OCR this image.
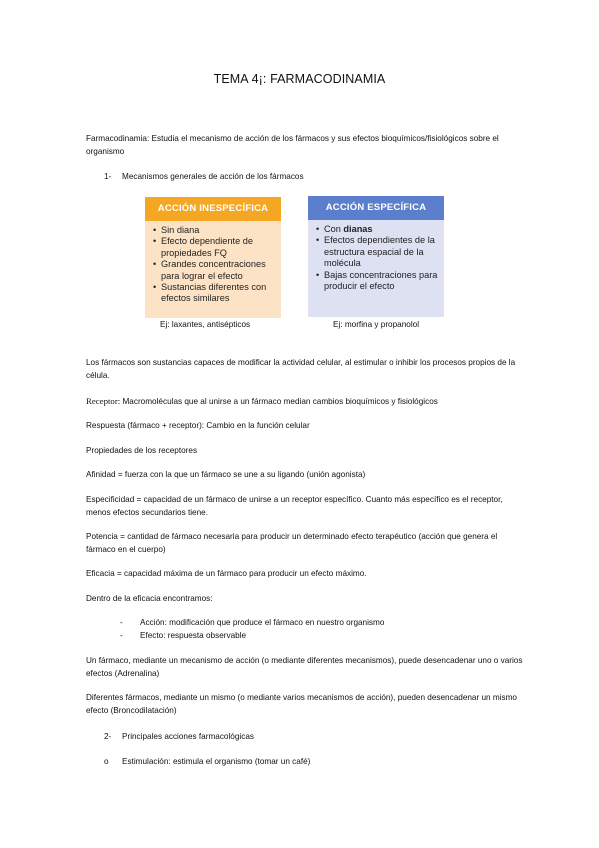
TEMA 4¡: FARMACODINAMIA
Farmacodinamia: Estudia el mecanismo de acción de los fármacos y sus efectos bioquímicos/fisiológicos sobre el organismo
1- Mecanismos generales de acción de los fármacos
ACCIÓN INESPECÍFICA
• Sin diana
• Efecto dependiente de propiedades FQ
• Grandes concentraciones para lograr el efecto
• Sustancias diferentes con efectos similares
ACCIÓN ESPECÍFICA
• Con dianas
• Efectos dependientes de la estructura espacial de la molécula
• Bajas concentraciones para producir el efecto
Ej: laxantes, antisépticos	Ej: morfina y propanolol
Los fármacos son sustancias capaces de modificar la actividad celular, al estimular o inhibir los procesos propios de la célula.
Receptor: Macromoléculas que al unirse a un fármaco median cambios bioquímicos y fisiológicos
Respuesta (fármaco + receptor): Cambio en la función celular
Propiedades de los receptores
Afinidad = fuerza con la que un fármaco se une a su ligando (unión agonista)
Especificidad = capacidad de un fármaco de unirse a un receptor específico. Cuanto más específico es el receptor, menos efectos secundarios tiene.
Potencia = cantidad de fármaco necesaria para producir un determinado efecto terapéutico (acción que genera el fármaco en el cuerpo)
Eficacia = capacidad máxima de un fármaco para producir un efecto máximo.
Dentro de la eficacia encontramos:
- Acción: modificación que produce el fármaco en nuestro organismo
- Efecto: respuesta observable
Un fármaco, mediante un mecanismo de acción (o mediante diferentes mecanismos), puede desencadenar uno o varios efectos (Adrenalina)
Diferentes fármacos, mediante un mismo (o mediante varios mecanismos de acción), pueden desencadenar un mismo efecto (Broncodilatación)
2- Principales acciones farmacológicas
o Estimulación: estimula el organismo (tomar un café)
